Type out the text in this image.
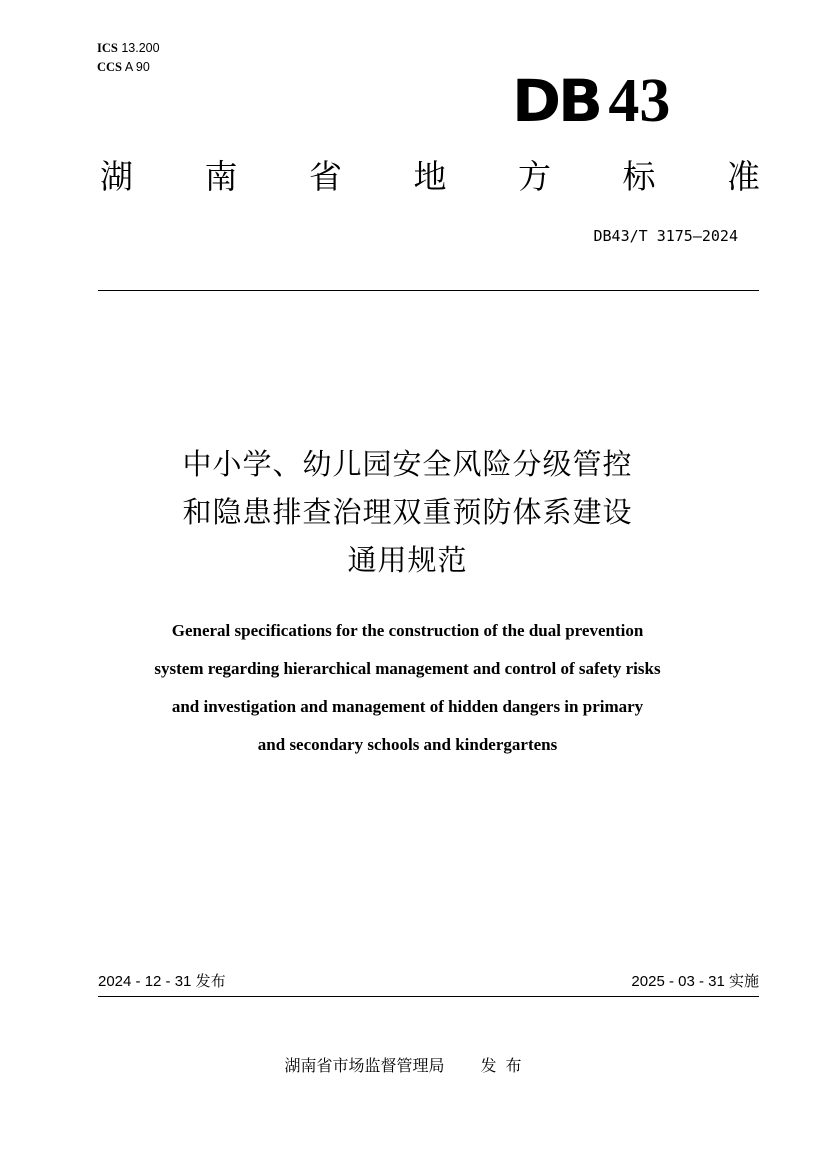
ICS 13.200
CCS A 90	DB 43
湖 南 省 地 方 标 准
DB43/T 3175—2024
中小学、幼儿园安全风险分级管控
和隐患排查治理双重预防体系建设
通用规范
General specifications for the construction of the dual prevention
system regarding hierarchical management and control of safety risks
and investigation and management of hidden dangers in primary
and secondary schools and kindergartens
2024 - 12 - 31 发布	2025 - 03 - 31 实施
湖南省市场监督管理局 发布
